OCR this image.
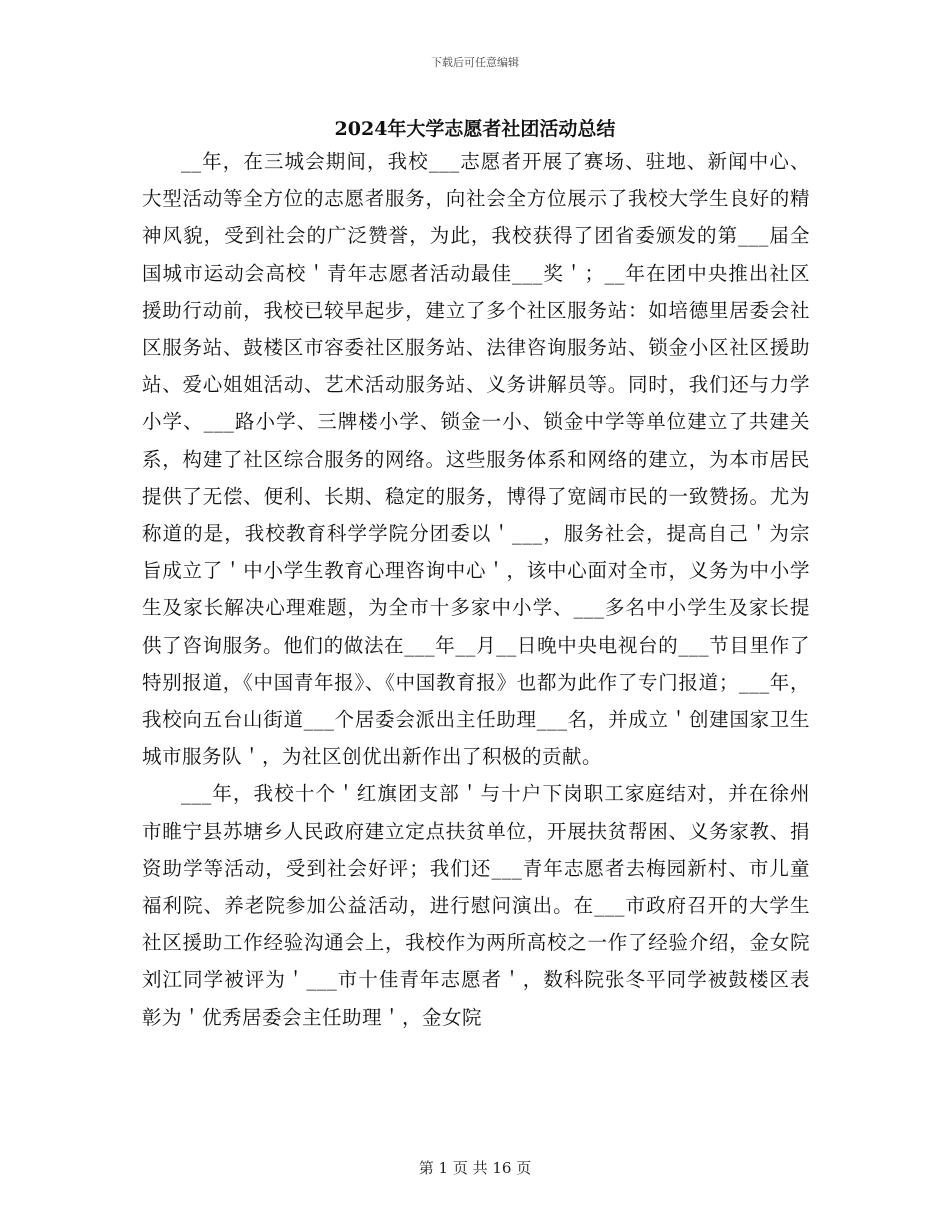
下载后可任意编辑
2024年大学志愿者社团活动总结

__年，在三城会期间，我校___志愿者开展了赛场、驻地、新闻中心、大型活动等全方位的志愿者服务，向社会全方位展示了我校大学生良好的精神风貌，受到社会的广泛赞誉，为此，我校获得了团省委颁发的第___届全国城市运动会高校＇青年志愿者活动最佳___奖＇；__年在团中央推出社区援助行动前，我校已较早起步，建立了多个社区服务站：如培德里居委会社区服务站、鼓楼区市容委社区服务站、法律咨询服务站、锁金小区社区援助站、爱心姐姐活动、艺术活动服务站、义务讲解员等。同时，我们还与力学小学、___路小学、三牌楼小学、锁金一小、锁金中学等单位建立了共建关系，构建了社区综合服务的网络。这些服务体系和网络的建立，为本市居民提供了无偿、便利、长期、稳定的服务，博得了宽阔市民的一致赞扬。尤为称道的是，我校教育科学学院分团委以＇___，服务社会，提高自己＇为宗旨成立了＇中小学生教育心理咨询中心＇，该中心面对全市，义务为中小学生及家长解决心理难题，为全市十多家中小学、___多名中小学生及家长提供了咨询服务。他们的做法在___年__月__日晚中央电视台的___节目里作了特别报道，《中国青年报》、《中国教育报》也都为此作了专门报道；___年，我校向五台山街道___个居委会派出主任助理___名，并成立＇创建国家卫生城市服务队＇，为社区创优出新作出了积极的贡献。

___年，我校十个＇红旗团支部＇与十户下岗职工家庭结对，并在徐州市睢宁县苏塘乡人民政府建立定点扶贫单位，开展扶贫帮困、义务家教、捐资助学等活动，受到社会好评；我们还___青年志愿者去梅园新村、市儿童福利院、养老院参加公益活动，进行慰问演出。在___市政府召开的大学生社区援助工作经验沟通会上，我校作为两所高校之一作了经验介绍，金女院刘江同学被评为＇___市十佳青年志愿者＇，数科院张冬平同学被鼓楼区表彰为＇优秀居委会主任助理＇，金女院

第 1 页 共 16 页
